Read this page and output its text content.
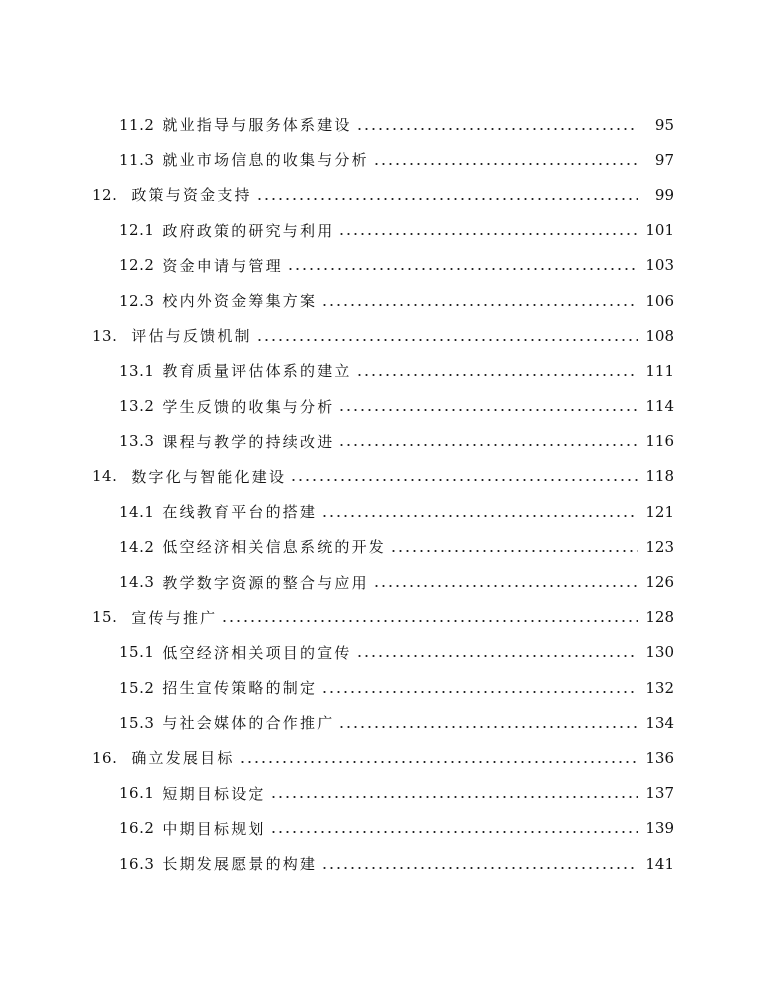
11.2 就业指导与服务体系建设	95
11.3 就业市场信息的收集与分析	97
12. 政策与资金支持	99
12.1 政府政策的研究与利用	101
12.2 资金申请与管理	103
12.3 校内外资金筹集方案	106
13. 评估与反馈机制	108
13.1 教育质量评估体系的建立	111
13.2 学生反馈的收集与分析	114
13.3 课程与教学的持续改进	116
14. 数字化与智能化建设	118
14.1 在线教育平台的搭建	121
14.2 低空经济相关信息系统的开发	123
14.3 教学数字资源的整合与应用	126
15. 宣传与推广	128
15.1 低空经济相关项目的宣传	130
15.2 招生宣传策略的制定	132
15.3 与社会媒体的合作推广	134
16. 确立发展目标	136
16.1 短期目标设定	137
16.2 中期目标规划	139
16.3 长期发展愿景的构建	141
